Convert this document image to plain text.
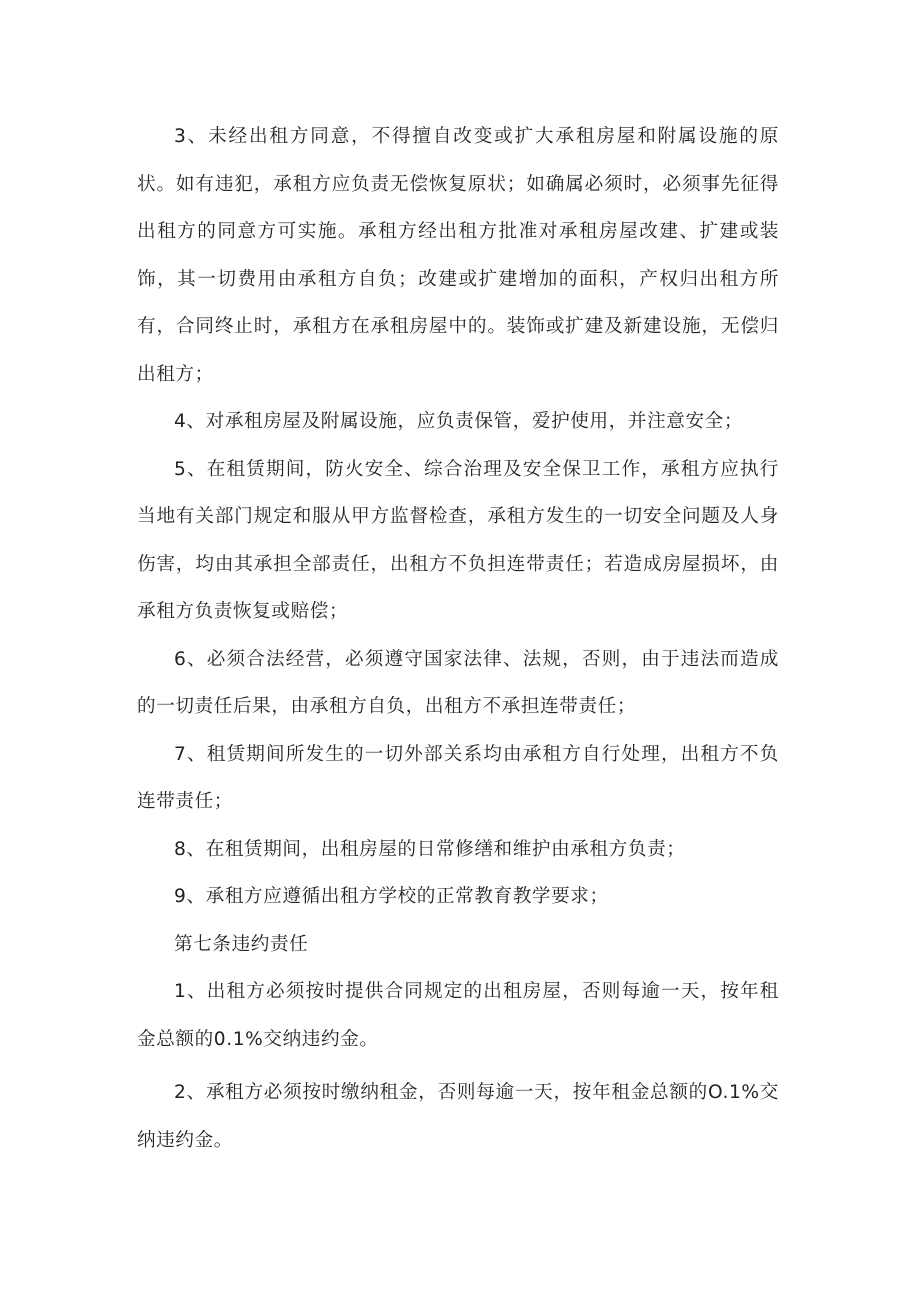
3、未经出租方同意，不得擅自改变或扩大承租房屋和附属设施的原状。如有违犯，承租方应负责无偿恢复原状；如确属必须时，必须事先征得出租方的同意方可实施。承租方经出租方批准对承租房屋改建、扩建或装饰，其一切费用由承租方自负；改建或扩建增加的面积，产权归出租方所有，合同终止时，承租方在承租房屋中的。装饰或扩建及新建设施，无偿归出租方；

4、对承租房屋及附属设施，应负责保管，爱护使用，并注意安全；

5、在租赁期间，防火安全、综合治理及安全保卫工作，承租方应执行当地有关部门规定和服从甲方监督检查，承租方发生的一切安全问题及人身伤害，均由其承担全部责任，出租方不负担连带责任；若造成房屋损坏，由承租方负责恢复或赔偿；

6、必须合法经营，必须遵守国家法律、法规，否则，由于违法而造成的一切责任后果，由承租方自负，出租方不承担连带责任；

7、租赁期间所发生的一切外部关系均由承租方自行处理，出租方不负连带责任；

8、在租赁期间，出租房屋的日常修缮和维护由承租方负责；

9、承租方应遵循出租方学校的正常教育教学要求；

第七条违约责任

1、出租方必须按时提供合同规定的出租房屋，否则每逾一天，按年租金总额的0.1%交纳违约金。

2、承租方必须按时缴纳租金，否则每逾一天，按年租金总额的O.1%交纳违约金。
